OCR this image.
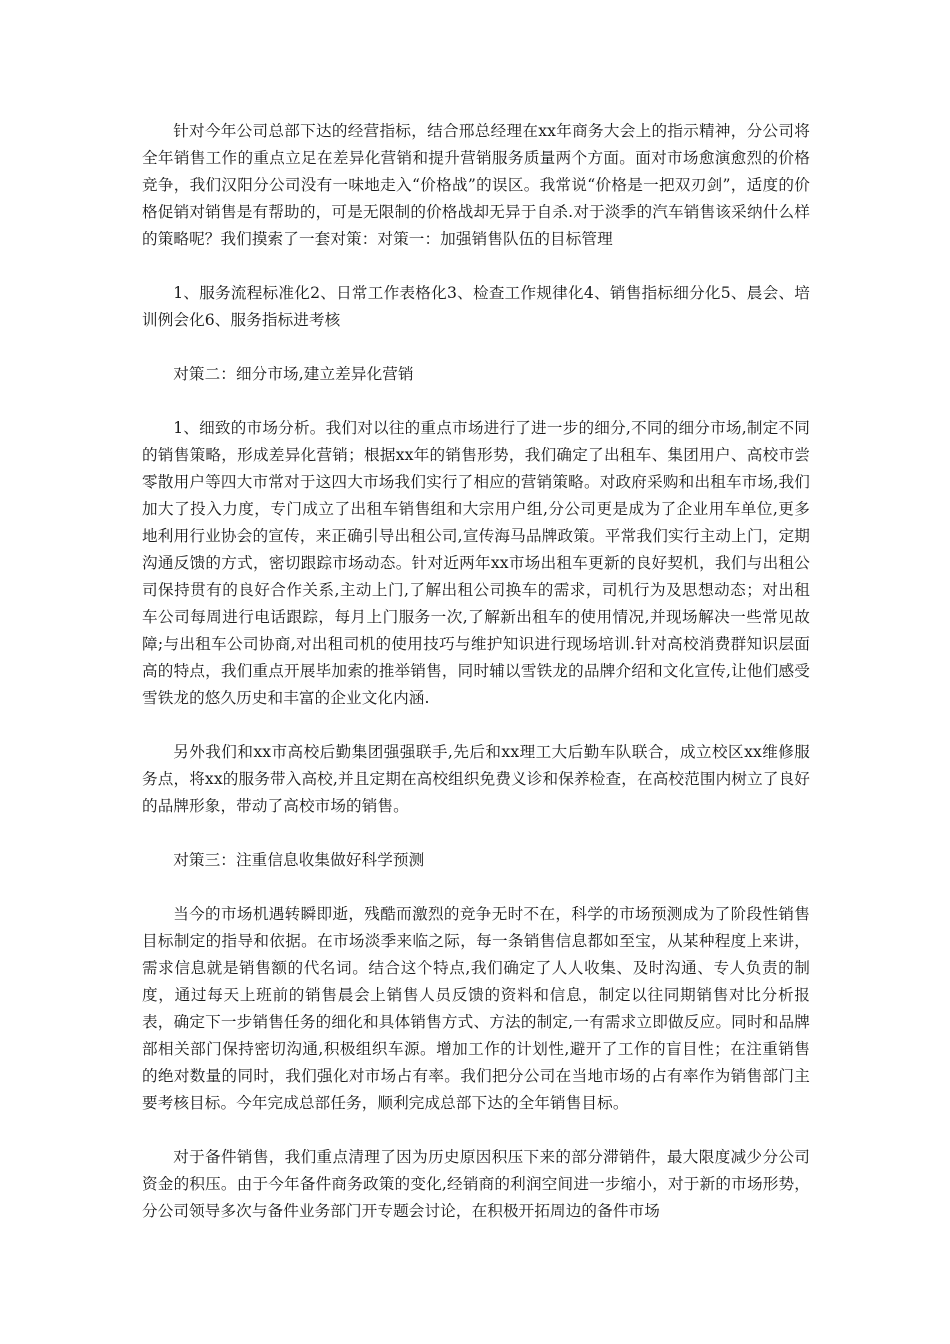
针对今年公司总部下达的经营指标，结合邢总经理在xx年商务大会上的指示精神，分公司将全年销售工作的重点立足在差异化营销和提升营销服务质量两个方面。面对市场愈演愈烈的价格竞争，我们汉阳分公司没有一味地走入“价格战”的误区。我常说“价格是一把双刃剑”，适度的价格促销对销售是有帮助的，可是无限制的价格战却无异于自杀.对于淡季的汽车销售该采纳什么样的策略呢？我们摸索了一套对策：对策一：加强销售队伍的目标管理

1、服务流程标准化2、日常工作表格化3、检查工作规律化4、销售指标细分化5、晨会、培训例会化6、服务指标进考核

对策二：细分市场,建立差异化营销

1、细致的市场分析。我们对以往的重点市场进行了进一步的细分,不同的细分市场,制定不同的销售策略，形成差异化营销；根据xx年的销售形势，我们确定了出租车、集团用户、高校市尝零散用户等四大市常对于这四大市场我们实行了相应的营销策略。对政府采购和出租车市场,我们加大了投入力度，专门成立了出租车销售组和大宗用户组,分公司更是成为了企业用车单位,更多地利用行业协会的宣传，来正确引导出租公司,宣传海马品牌政策。平常我们实行主动上门，定期沟通反馈的方式，密切跟踪市场动态。针对近两年xx市场出租车更新的良好契机，我们与出租公司保持贯有的良好合作关系,主动上门,了解出租公司换车的需求，司机行为及思想动态；对出租车公司每周进行电话跟踪，每月上门服务一次,了解新出租车的使用情况,并现场解决一些常见故障;与出租车公司协商,对出租司机的使用技巧与维护知识进行现场培训.针对高校消费群知识层面高的特点，我们重点开展毕加索的推举销售，同时辅以雪铁龙的品牌介绍和文化宣传,让他们感受雪铁龙的悠久历史和丰富的企业文化内涵.

另外我们和xx市高校后勤集团强强联手,先后和xx理工大后勤车队联合，成立校区xx维修服务点，将xx的服务带入高校,并且定期在高校组织免费义诊和保养检查，在高校范围内树立了良好的品牌形象，带动了高校市场的销售。

对策三：注重信息收集做好科学预测

当今的市场机遇转瞬即逝，残酷而激烈的竞争无时不在，科学的市场预测成为了阶段性销售目标制定的指导和依据。在市场淡季来临之际，每一条销售信息都如至宝，从某种程度上来讲，需求信息就是销售额的代名词。结合这个特点,我们确定了人人收集、及时沟通、专人负责的制度，通过每天上班前的销售晨会上销售人员反馈的资料和信息，制定以往同期销售对比分析报表，确定下一步销售任务的细化和具体销售方式、方法的制定,一有需求立即做反应。同时和品牌部相关部门保持密切沟通,积极组织车源。增加工作的计划性,避开了工作的盲目性；在注重销售的绝对数量的同时，我们强化对市场占有率。我们把分公司在当地市场的占有率作为销售部门主要考核目标。今年完成总部任务，顺利完成总部下达的全年销售目标。

对于备件销售，我们重点清理了因为历史原因积压下来的部分滞销件，最大限度减少分公司资金的积压。由于今年备件商务政策的变化,经销商的利润空间进一步缩小，对于新的市场形势，分公司领导多次与备件业务部门开专题会讨论，在积极开拓周边的备件市场
